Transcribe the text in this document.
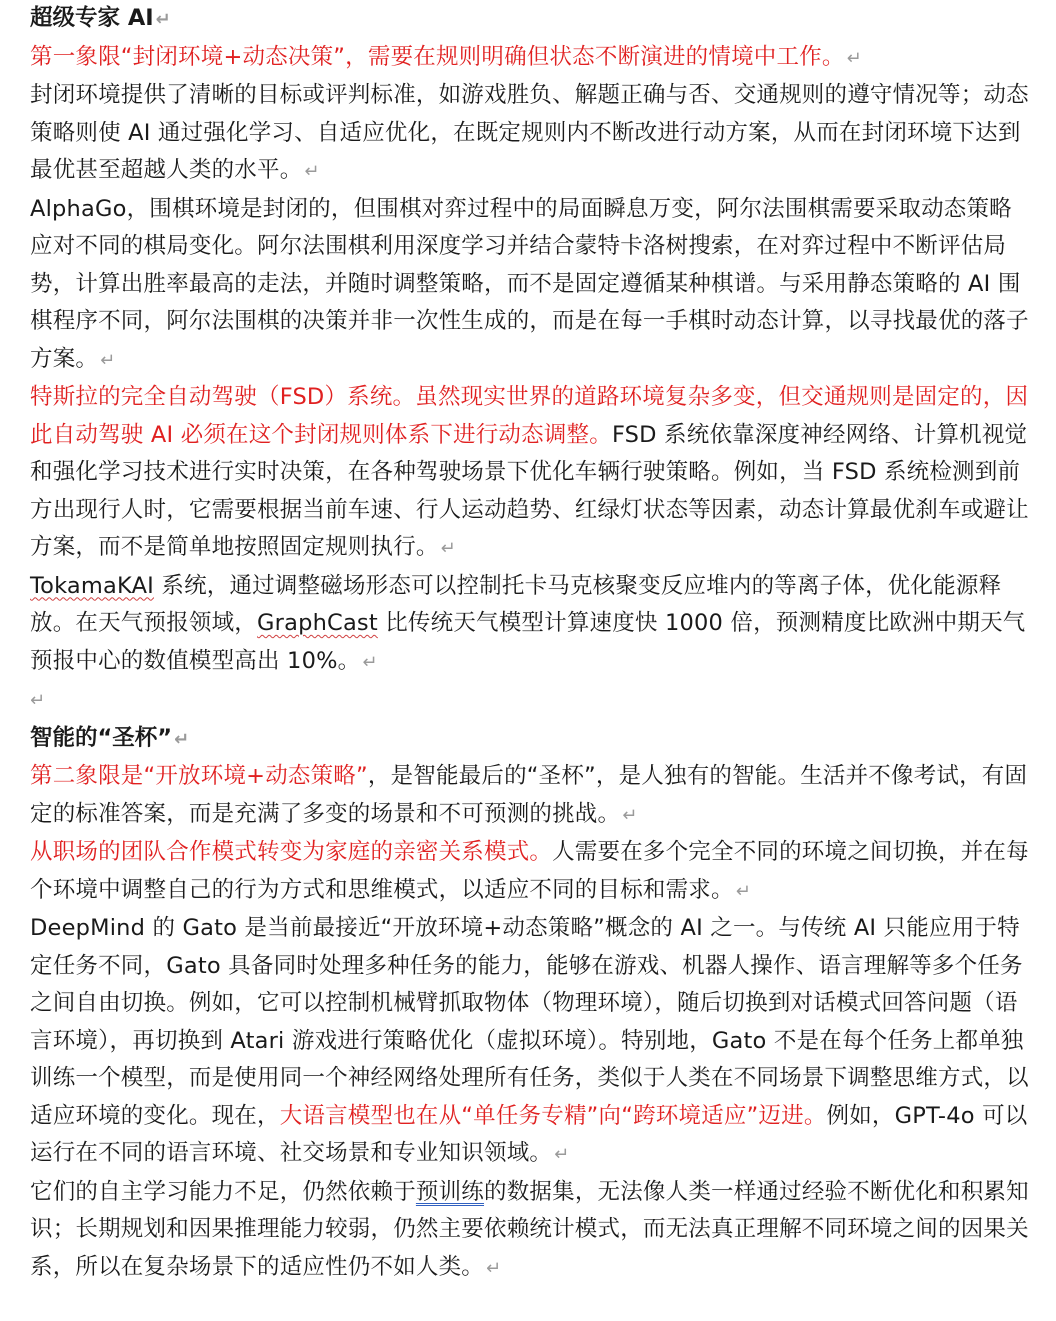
超级专家 AI ↵

第一象限“封闭环境+动态决策”，需要在规则明确但状态不断演进的情境中工作。 ↵

封闭环境提供了清晰的目标或评判标准，如游戏胜负、解题正确与否、交通规则的遵守情况等；动态策略则使 AI 通过强化学习、自适应优化，在既定规则内不断改进行动方案，从而在封闭环境下达到最优甚至超越人类的水平。 ↵

AlphaGo，围棋环境是封闭的，但围棋对弈过程中的局面瞬息万变，阿尔法围棋需要采取动态策略应对不同的棋局变化。阿尔法围棋利用深度学习并结合蒙特卡洛树搜索，在对弈过程中不断评估局势，计算出胜率最高的走法，并随时调整策略，而不是固定遵循某种棋谱。与采用静态策略的 AI 围棋程序不同，阿尔法围棋的决策并非一次性生成的，而是在每一手棋时动态计算，以寻找最优的落子方案。 ↵

特斯拉的完全自动驾驶（FSD）系统。虽然现实世界的道路环境复杂多变，但交通规则是固定的，因此自动驾驶 AI 必须在这个封闭规则体系下进行动态调整。FSD 系统依靠深度神经网络、计算机视觉和强化学习技术进行实时决策，在各种驾驶场景下优化车辆行驶策略。例如，当 FSD 系统检测到前方出现行人时，它需要根据当前车速、行人运动趋势、红绿灯状态等因素，动态计算最优刹车或避让方案，而不是简单地按照固定规则执行。 ↵

TokamaKAI 系统，通过调整磁场形态可以控制托卡马克核聚变反应堆内的等离子体，优化能源释放。在天气预报领域，GraphCast 比传统天气模型计算速度快 1000 倍，预测精度比欧洲中期天气预报中心的数值模型高出 10%。 ↵

↵

智能的“圣杯” ↵

第二象限是“开放环境+动态策略”，是智能最后的“圣杯”，是人独有的智能。生活并不像考试，有固定的标准答案，而是充满了多变的场景和不可预测的挑战。 ↵

从职场的团队合作模式转变为家庭的亲密关系模式。人需要在多个完全不同的环境之间切换，并在每个环境中调整自己的行为方式和思维模式，以适应不同的目标和需求。 ↵

DeepMind 的 Gato 是当前最接近“开放环境+动态策略”概念的 AI 之一。与传统 AI 只能应用于特定任务不同，Gato 具备同时处理多种任务的能力，能够在游戏、机器人操作、语言理解等多个任务之间自由切换。例如，它可以控制机械臂抓取物体（物理环境），随后切换到对话模式回答问题（语言环境），再切换到 Atari 游戏进行策略优化（虚拟环境）。特别地，Gato 不是在每个任务上都单独训练一个模型，而是使用同一个神经网络处理所有任务，类似于人类在不同场景下调整思维方式，以适应环境的变化。现在，大语言模型也在从“单任务专精”向“跨环境适应”迈进。例如，GPT-4o 可以运行在不同的语言环境、社交场景和专业知识领域。 ↵

它们的自主学习能力不足，仍然依赖于预训练的数据集，无法像人类一样通过经验不断优化和积累知识；长期规划和因果推理能力较弱，仍然主要依赖统计模式，而无法真正理解不同环境之间的因果关系，所以在复杂场景下的适应性仍不如人类。 ↵
